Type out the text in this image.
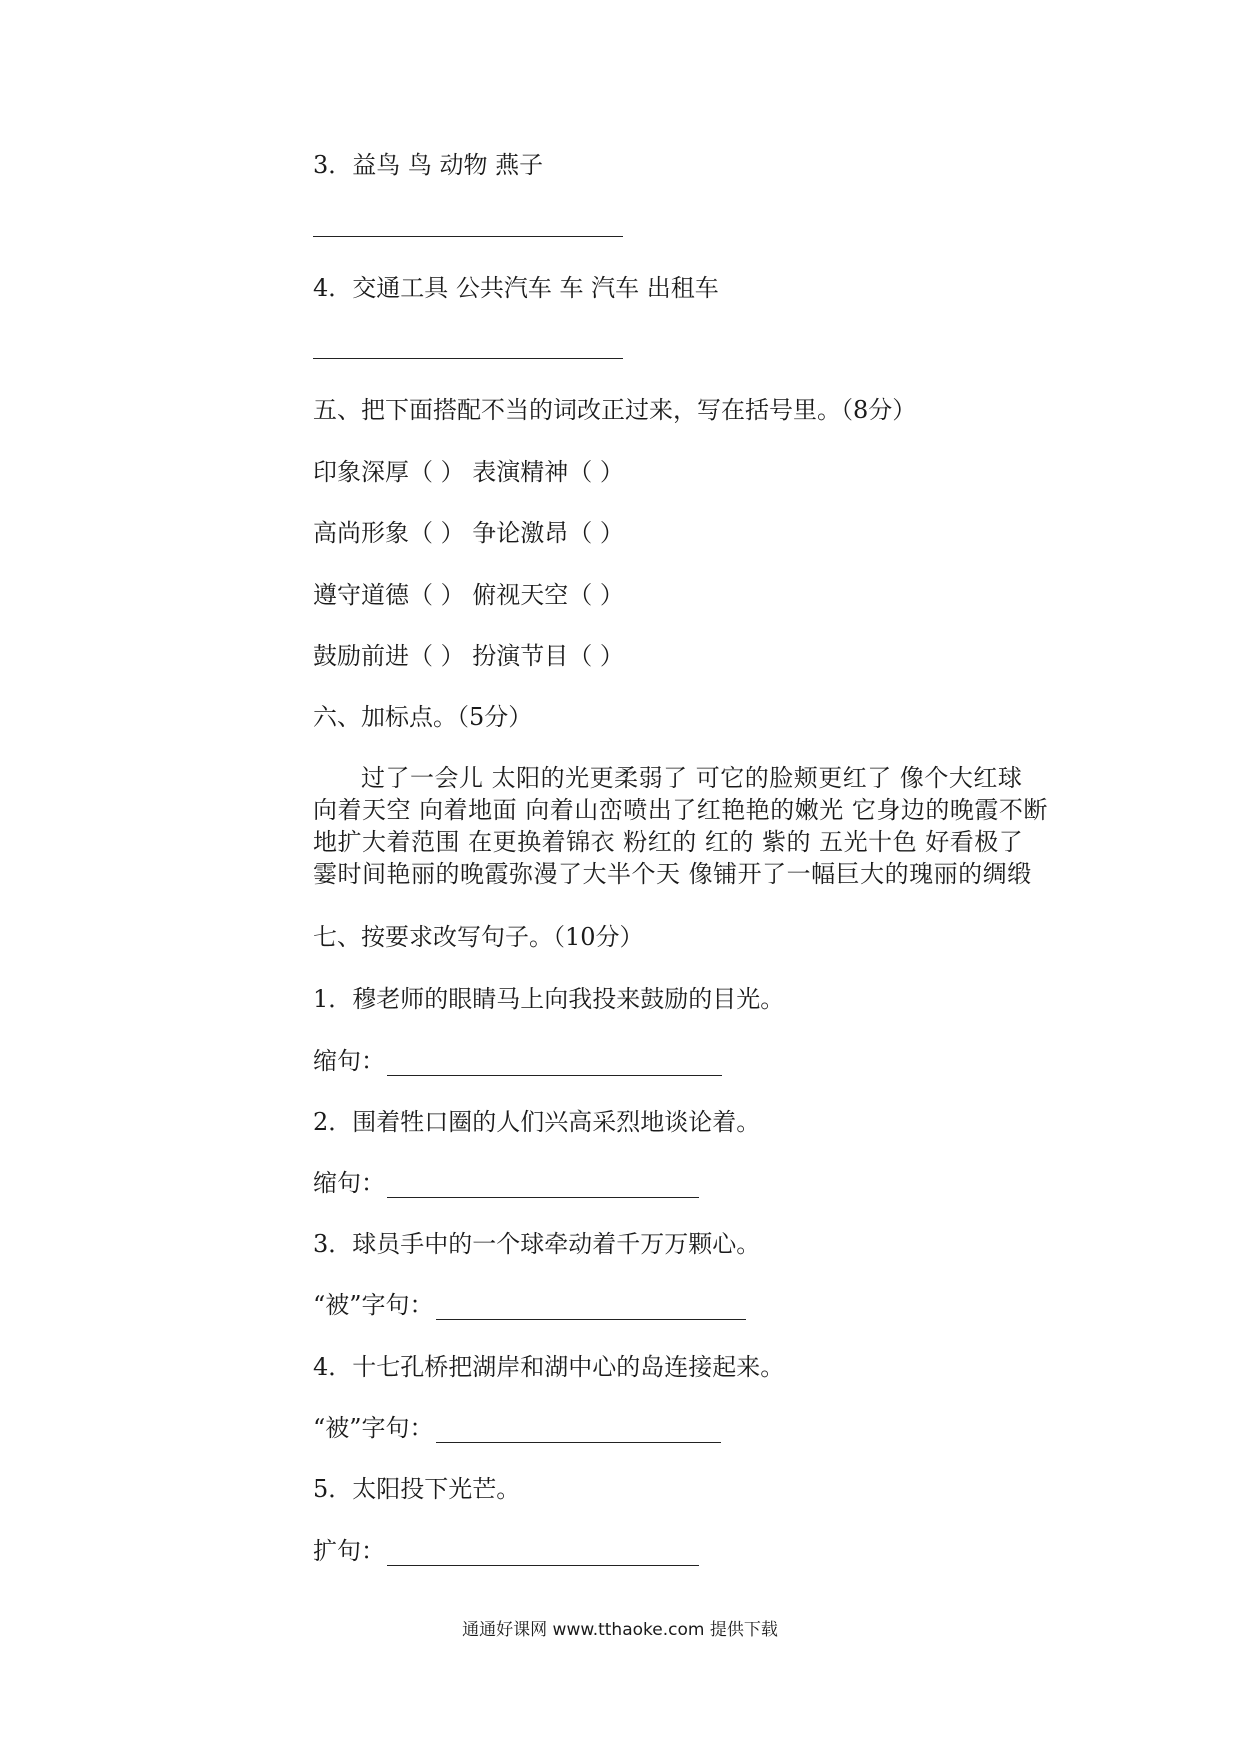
3．益鸟 鸟 动物 燕子
4．交通工具 公共汽车 车 汽车 出租车
五、把下面搭配不当的词改正过来，写在括号里。（8分）
印象深厚（ ） 表演精神（ ）
高尚形象（ ） 争论激昂（ ）
遵守道德（ ） 俯视天空（ ）
鼓励前进（ ） 扮演节目（ ）
六、加标点。（5分）
过了一会儿 太阳的光更柔弱了 可它的脸颊更红了 像个大红球 向着天空 向着地面 向着山峦喷出了红艳艳的嫩光 它身边的晚霞不断地扩大着范围 在更换着锦衣 粉红的 红的 紫的 五光十色 好看极了 霎时间艳丽的晚霞弥漫了大半个天 像铺开了一幅巨大的瑰丽的绸缎
七、按要求改写句子。（10分）
1．穆老师的眼睛马上向我投来鼓励的目光。
缩句：
2．围着牲口圈的人们兴高采烈地谈论着。
缩句：
3．球员手中的一个球牵动着千万万颗心。
“被”字句：
4．十七孔桥把湖岸和湖中心的岛连接起来。
“被”字句：
5．太阳投下光芒。
扩句：
通通好课网 www.tthaoke.com 提供下载
